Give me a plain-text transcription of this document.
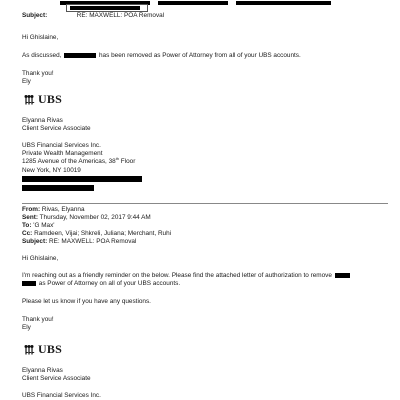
Subject:	RE: MAXWELL: POA Removal
Hi Ghislaine,
As discussed,	has been removed as Power of Attorney from all of your UBS accounts.
Thank you!
Ely
UBS
Elyanna Rivas
Client Service Associate
UBS Financial Services Inc.
Private Wealth Management
1285 Avenue of the Americas, 38th Floor
New York, NY 10019
From: Rivas, Elyanna
Sent: Thursday, November 02, 2017 9:44 AM
To: 'G Max'
Cc: Ramdeen, Vijai; Shkreli, Juliana; Merchant, Ruhi
Subject: RE: MAXWELL: POA Removal
Hi Ghislaine,
I'm reaching out as a friendly reminder on the below. Please find the attached letter of authorization to remove
as Power of Attorney on all of your UBS accounts.
Please let us know if you have any questions.
Thank you!
Ely
UBS
Elyanna Rivas
Client Service Associate
UBS Financial Services Inc.
